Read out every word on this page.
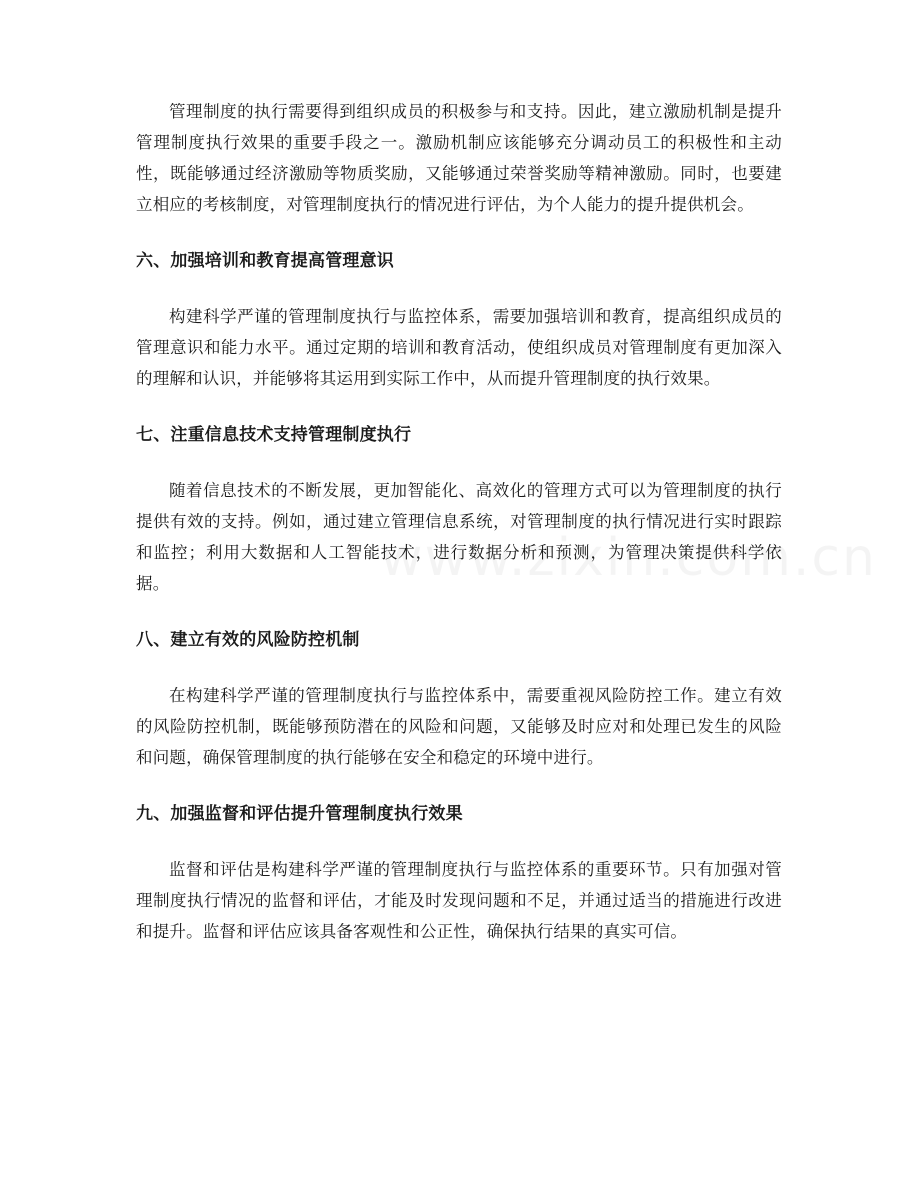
管理制度的执行需要得到组织成员的积极参与和支持。因此，建立激励机制是提升管理制度执行效果的重要手段之一。激励机制应该能够充分调动员工的积极性和主动性，既能够通过经济激励等物质奖励，又能够通过荣誉奖励等精神激励。同时，也要建立相应的考核制度，对管理制度执行的情况进行评估，为个人能力的提升提供机会。

六、加强培训和教育提高管理意识

构建科学严谨的管理制度执行与监控体系，需要加强培训和教育，提高组织成员的管理意识和能力水平。通过定期的培训和教育活动，使组织成员对管理制度有更加深入的理解和认识，并能够将其运用到实际工作中，从而提升管理制度的执行效果。

七、注重信息技术支持管理制度执行

随着信息技术的不断发展，更加智能化、高效化的管理方式可以为管理制度的执行提供有效的支持。例如，通过建立管理信息系统，对管理制度的执行情况进行实时跟踪和监控；利用大数据和人工智能技术，进行数据分析和预测，为管理决策提供科学依据。

八、建立有效的风险防控机制

在构建科学严谨的管理制度执行与监控体系中，需要重视风险防控工作。建立有效的风险防控机制，既能够预防潜在的风险和问题，又能够及时应对和处理已发生的风险和问题，确保管理制度的执行能够在安全和稳定的环境中进行。

九、加强监督和评估提升管理制度执行效果

监督和评估是构建科学严谨的管理制度执行与监控体系的重要环节。只有加强对管理制度执行情况的监督和评估，才能及时发现问题和不足，并通过适当的措施进行改进和提升。监督和评估应该具备客观性和公正性，确保执行结果的真实可信。
